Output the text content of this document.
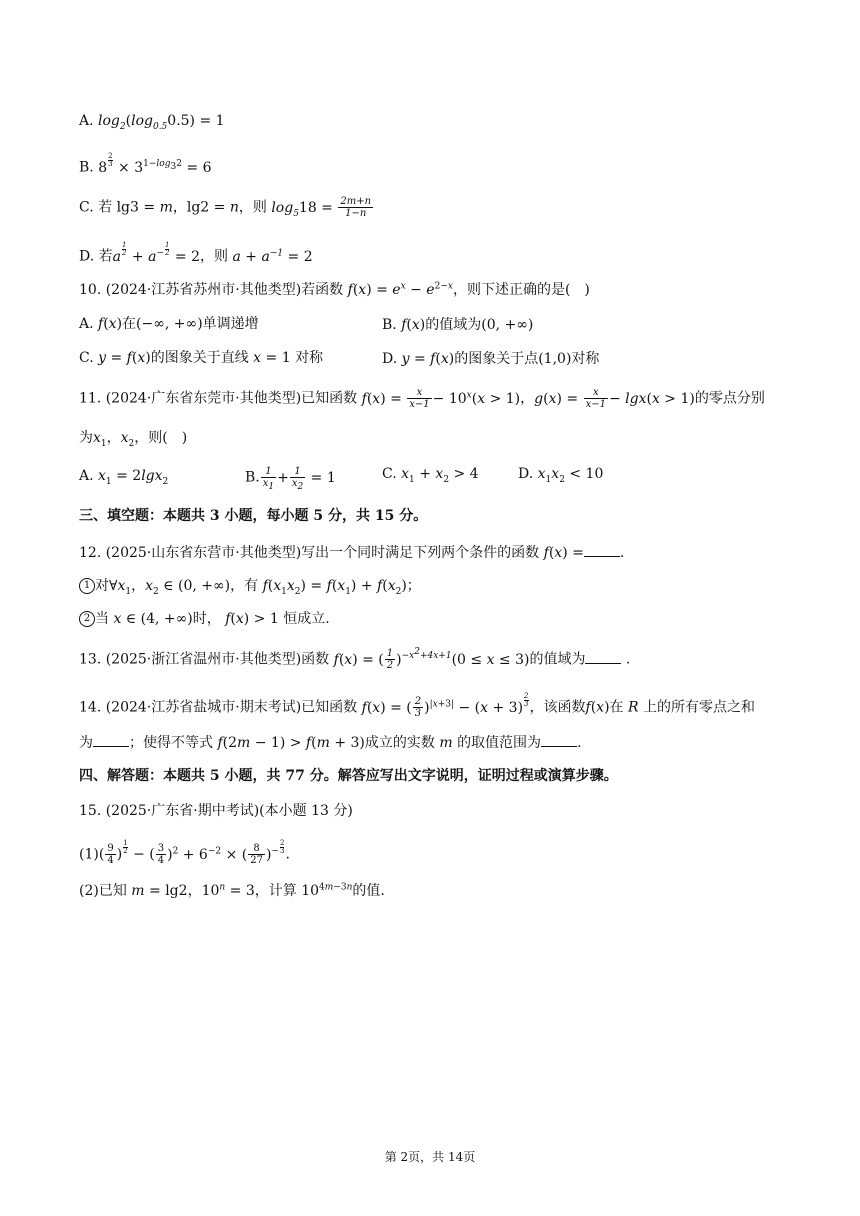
A. $\log_2(\log_{0.5}0.5) = 1$
B. $8 \frac{2}{3} \times 3^{1-log_32} = 6$
C. 若 lg3 = m，lg2 = n，则 $\log_518 = \frac{2m+n}{1-n}$
D. 若a $\frac{1}{2} + a^- \frac{1}{2} = 2$，则 $a + a^{-1} = 2$
10. (2024·江苏省苏州市·其他类型)若函数 $f(x) = e^x - e^{2-x}$，则下述正确的是(　)
A. f(x)在(−∞, +∞)单调递增	B. f(x)的值域为(0, +∞)
C. y = f(x)的图象关于直线 x = 1 对称	D. y = f(x)的图象关于点(1,0)对称
11. (2024·广东省东莞市·其他类型)已知函数 $f(x) = \frac{x}{x-1} - 10^x(x > 1)$，$g(x) = \frac{x}{x-1} - \lg x(x > 1)$的零点分别
为$x_1$，$x_2$，则(　)
A. $x_1 = 2\lg x_2$	B. $\frac{1}{x_1} + \frac{1}{x_2} = 1$	C. $x_1 + x_2 > 4$	D. $x_1x_2 < 10$
三、填空题：本题共 3 小题，每小题 5 分，共 15 分。
12. (2025·山东省东营市·其他类型)写出一个同时满足下列两个条件的函数 f(x) =	.
1 对$\forall x_1$，$x_2$ ∈ (0, +∞)，有 $f(x_1x_2) = f(x_1) + f(x_2)$；
2 当 x ∈ (4, +∞)时， f(x) > 1 恒成立.
13. (2025·浙江省温州市·其他类型)函数 f(x) = ( $\frac{1}{2} )^{-x^2+4x+1}(0 \le x \le 3)$的值域为	.
14. (2024·江苏省盐城市·期末考试)已知函数 f(x) = ( $\frac{2}{3} )^{|x+3|} - (x + 3) \frac{2}{3}$ ，该函数f(x)在 R 上的所有零点之和
为	；使得不等式 f(2m − 1) > f(m + 3)成立的实数 m 的取值范围为	.
四、解答题：本题共 5 小题，共 77 分。解答应写出文字说明，证明过程或演算步骤。
15. (2025·广东省·期中考试)(本小题 13 分)
$(1)( \frac{9}{4}$ ) $\frac{1}{2}$ − ( $\frac{3}{4} )^2 + 6^{-2}$ × ( $\frac{8}{27} )^- \frac{2}{3}$ .
(2)已知 m = lg2，$10^n = 3$，计算 $10^{4m-3n}$的值.
第 2页，共 14页
